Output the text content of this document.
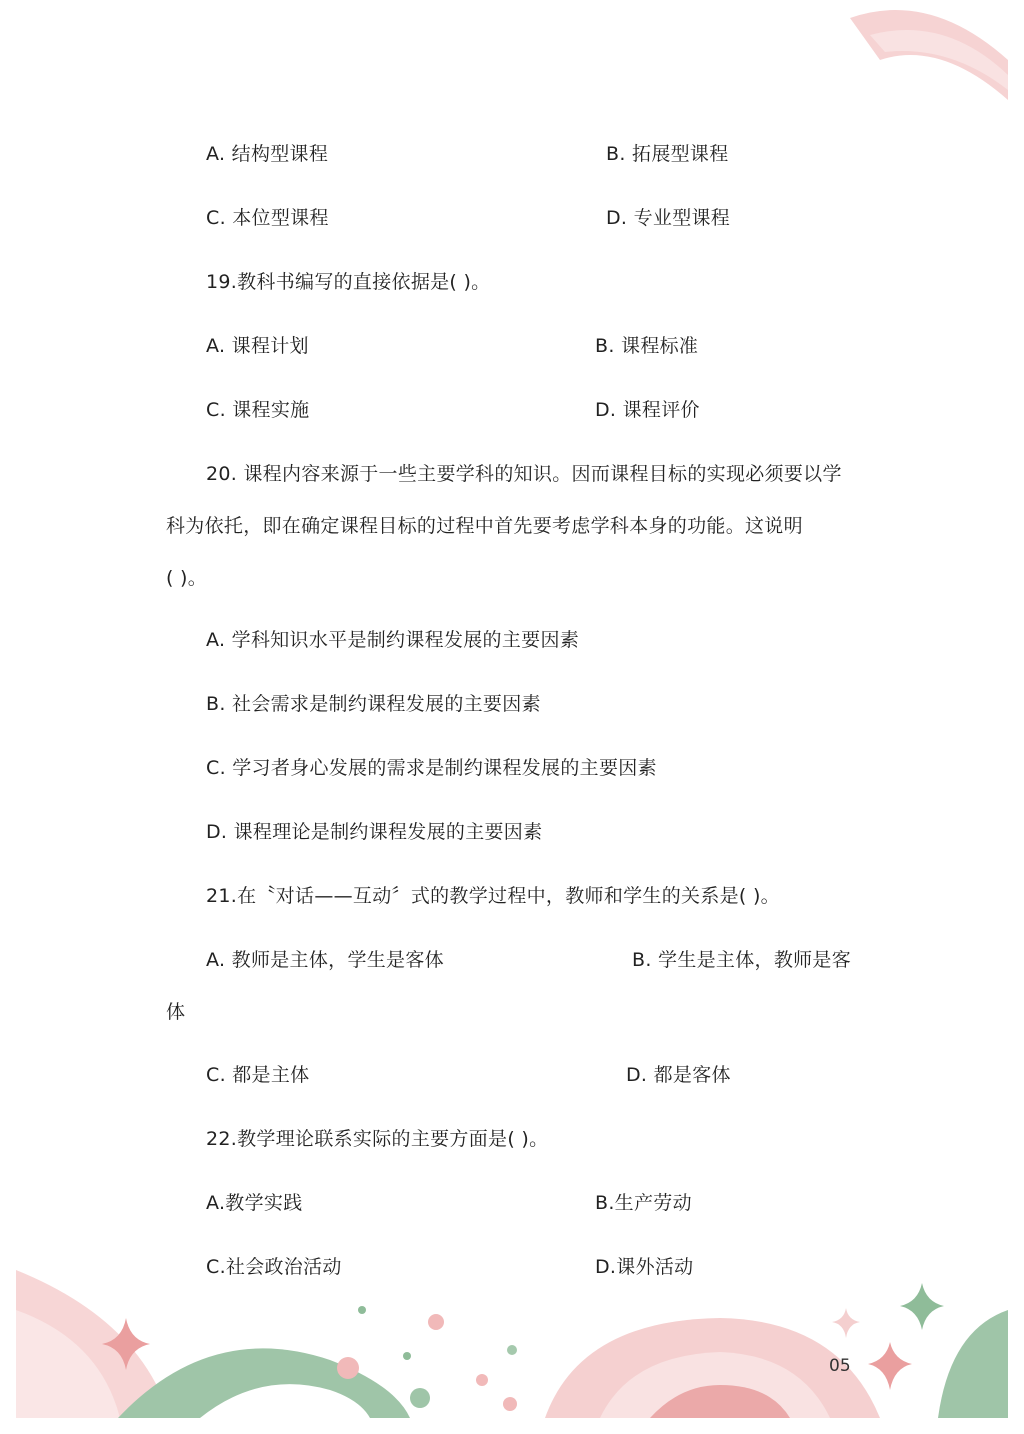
A. 结构型课程	B. 拓展型课程
C. 本位型课程	D. 专业型课程
19.教科书编写的直接依据是( )。
A. 课程计划	B. 课程标准
C. 课程实施	D. 课程评价
20. 课程内容来源于一些主要学科的知识。因而课程目标的实现必须要以学
科为依托，即在确定课程目标的过程中首先要考虑学科本身的功能。这说明
( )。
A. 学科知识水平是制约课程发展的主要因素
B. 社会需求是制约课程发展的主要因素
C. 学习者身心发展的需求是制约课程发展的主要因素
D. 课程理论是制约课程发展的主要因素
21.在〝对话——互动〞式的教学过程中，教师和学生的关系是( )。
A. 教师是主体，学生是客体	B. 学生是主体，教师是客
体
C. 都是主体	D. 都是客体
22.教学理论联系实际的主要方面是( )。
A.教学实践	B.生产劳动
C.社会政治活动	D.课外活动
05
